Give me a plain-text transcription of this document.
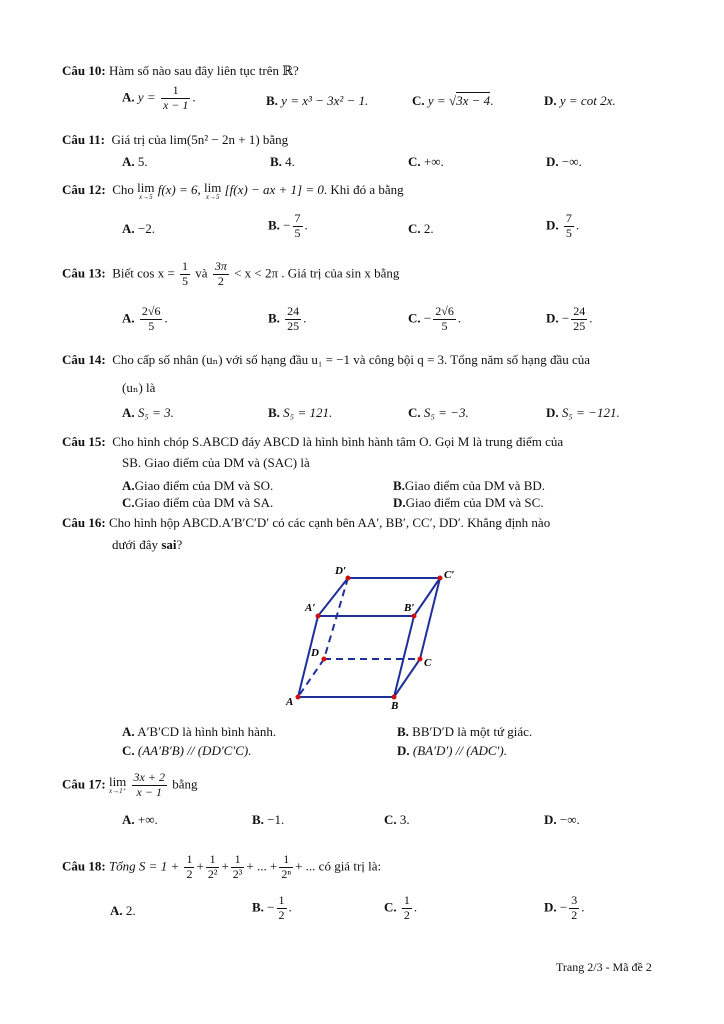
Câu 10: Hàm số nào sau đây liên tục trên ℝ?
A. $y = \frac{1}{x - 1}$ .	B. y = x³ − 3x² − 1.	C. y = √3x − 4.	D. y = cot 2x.
Câu 11: Giá trị của lim(5n² − 2n + 1) bằng
A. 5.	B. 4.	C. +∞.	D. −∞.
Câu 12: Cho lim
x→5
f(x) = 6, lim
x→5
[f(x) − ax + 1] = 0. Khi đó a bằng
A. −2.	B. − $\frac{7}{5}$ .	C. 2.	D. $\frac{7}{5}$ .
Câu 13: Biết $\cos x = \frac{1}{5}$ và $\frac{3\pi}{2} < x < 2\pi$ . Giá trị của sin x bằng
A. $\frac{2√6}{5}$ .	B. $\frac{24}{25}$ .	C. − $\frac{2√6}{5}$ .	D. − $\frac{24}{25}$ .
Câu 14: Cho cấp số nhân (uₙ) với số hạng đầu u₁ = −1 và công bội q = 3. Tổng năm số hạng đầu của
(uₙ) là
A. S₅ = 3.	B. S₅ = 121.	C. S₅ = −3.	D. S₅ = −121.
Câu 15: Cho hình chóp S.ABCD đáy ABCD là hình bình hành tâm O. Gọi M là trung điểm của
SB. Giao điểm của DM và (SAC) là
A.Giao điểm của DM và SO.	B.Giao điểm của DM và BD.
C.Giao điểm của DM và SA.	D.Giao điểm của DM và SC.
Câu 16: Cho hình hộp ABCD.A′B′C′D′ có các cạnh bên AA′, BB′, CC′, DD′. Khẳng định nào
dưới đây sai?
D′	C′
A′	B′
D
C
A	B
A. A′B′CD là hình bình hành.	B. BB′D′D là một tứ giác.
C. (AA′B′B) // (DD′C′C).	D. (BA′D′) // (ADC′).
Câu 17: lim
x→1⁺
$\frac{3x + 2}{x - 1}$ bằng
A. +∞.	B. −1.	C. 3.	D. −∞.
Câu 18: Tổng $S = 1 + \frac{1}{2} + \frac{1}{\text{2²}} + \frac{1}{\text{2³}}$ + ... + $\frac{1}{\text{2ⁿ}}$ + ... có giá trị là:
A. 2.	B. − $\frac{1}{2}$ .	C. $\frac{1}{2}$ .	D. − $\frac{3}{2}$ .
Trang 2/3 - Mã đề 2
